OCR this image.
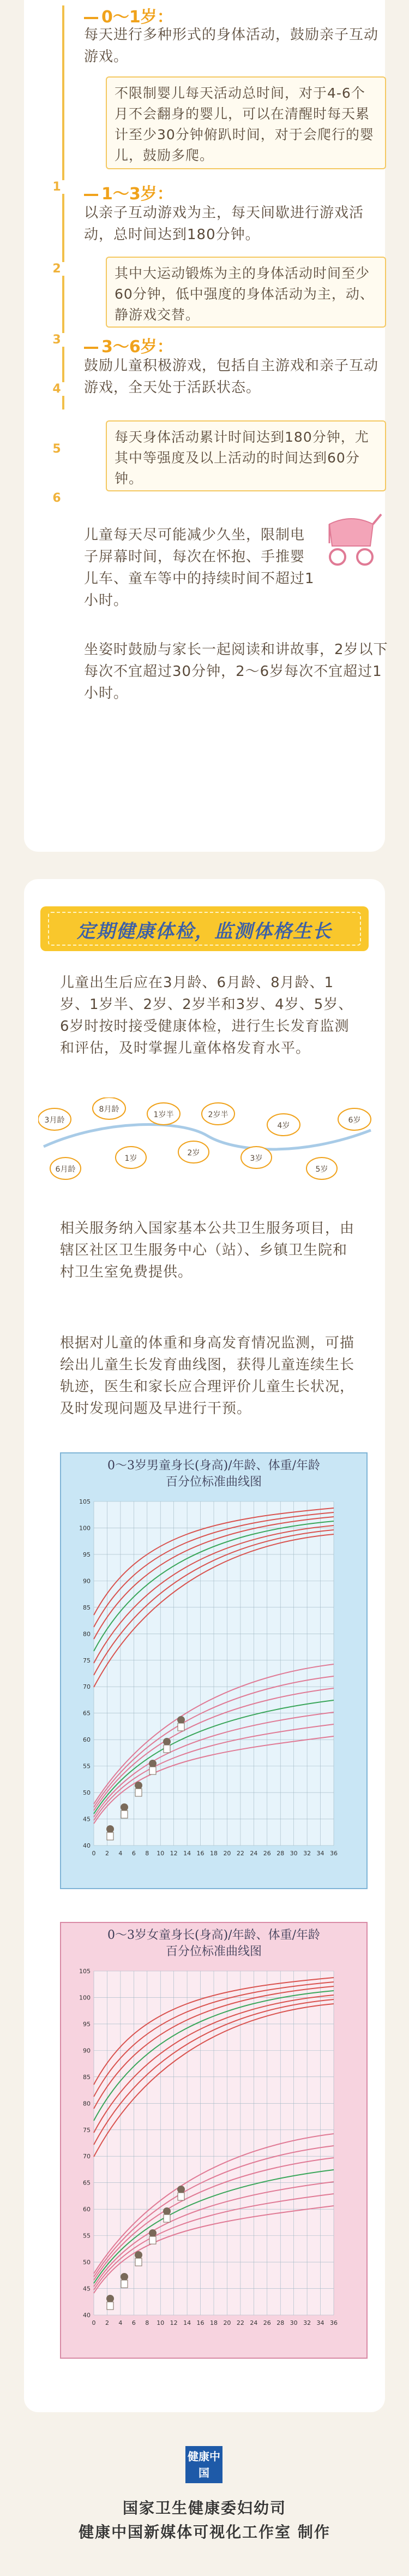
0～1岁：
每天进行多种形式的身体活动，鼓励亲子互动游戏。
不限制婴儿每天活动总时间，对于4-6个月不会翻身的婴儿，可以在清醒时每天累计至少30分钟俯趴时间，对于会爬行的婴儿，鼓励多爬。
1	1～3岁：
以亲子互动游戏为主，每天间歇进行游戏活动，总时间达到180分钟。
其中大运动锻炼为主的身体活动时间至少60分钟，低中强度的身体活动为主，动、静游戏交替。
2
3	3～6岁：
鼓励儿童积极游戏，包括自主游戏和亲子互动游戏，全天处于活跃状态。
每天身体活动累计时间达到180分钟，尤其中等强度及以上活动的时间达到60分钟。
4
5
6
儿童每天尽可能减少久坐，限制电子屏幕时间，每次在怀抱、手推婴儿车、童车等中的持续时间不超过1小时。
坐姿时鼓励与家长一起阅读和讲故事，2岁以下每次不宜超过30分钟，2～6岁每次不宜超过1小时。
定期健康体检，监测体格生长
儿童出生后应在3月龄、6月龄、8月龄、1岁、1岁半、2岁、2岁半和3岁、4岁、5岁、6岁时按时接受健康体检，进行生长发育监测和评估，及时掌握儿童体格发育水平。
3月龄
8月龄
1岁半	2岁半
4岁
6岁
6月龄
1岁
2岁
3岁
5岁
相关服务纳入国家基本公共卫生服务项目，由辖区社区卫生服务中心（站）、乡镇卫生院和村卫生室免费提供。
根据对儿童的体重和身高发育情况监测，可描绘出儿童生长发育曲线图，获得儿童连续生长轨迹，医生和家长应合理评价儿童生长状况，及时发现问题及早进行干预。
0～3岁男童身长(身高)/年龄、体重/年龄
百分位标准曲线图
0 2 4 6 8 10 12 14 16 18 20 22 24 26 28 30 32 34 36
40
45
50
55
60
65
70
75
80
85
90
95
100
105
0～3岁女童身长(身高)/年龄、体重/年龄
百分位标准曲线图
0 2 4 6 8 10 12 14 16 18 20 22 24 26 28 30 32 34 36
40
45
50
55
60
65
70
75
80
85
90
95
100
105
健康中国
国家卫生健康委妇幼司
健康中国新媒体可视化工作室 制作
